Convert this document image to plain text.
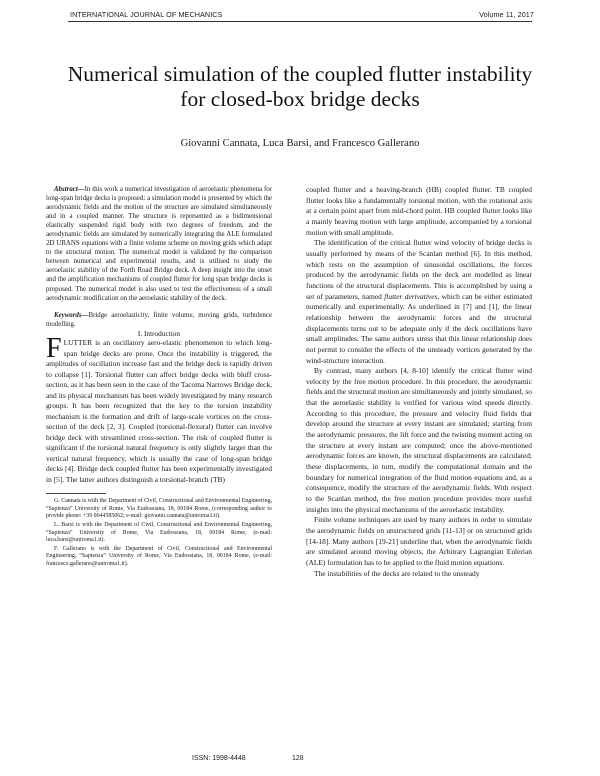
INTERNATIONAL JOURNAL OF MECHANICS	Volume 11, 2017
Numerical simulation of the coupled flutter instability for closed-box bridge decks
Giovanni Cannata, Luca Barsi, and Francesco Gallerano

Abstract—In this work a numerical investigation of aeroelastic phenomena for long-span bridge decks is proposed: a simulation model is presented by which the aerodynamic fields and the motion of the structure are simulated simultaneously and in a coupled manner. The structure is represented as a bidimensional elastically suspended rigid body with two degrees of freedom, and the aerodynamic fields are simulated by numerically integrating the ALE formulated 2D URANS equations with a finite volume scheme on moving grids which adapt to the structural motion. The numerical model is validated by the comparison between numerical and experimental results, and is utilised to study the aeroelastic stability of the Forth Road Bridge deck. A deep insight into the onset and the amplification mechanisms of coupled flutter for long span bridge decks is proposed. The numerical model is also used to test the effectiveness of a small aerodynamic modification on the aeroelastic stability of the deck.

Keywords—Bridge aeroelasticity, finite volume, moving grids, turbulence modelling.

I. Introduction

FLUTTER is an oscillatory aero-elastic phenomenon to which long-span bridge decks are prone. Once the instability is triggered, the amplitudes of oscillation increase fast and the bridge deck is rapidly driven to collapse [1]. Torsional flutter can affect bridge decks with bluff cross-section, as it has been seen in the case of the Tacoma Narrows Bridge deck, and its physical mechanism has been widely investigated by many research groups. It has been recognized that the key to the torsion instability mechanism is the formation and drift of large-scale vortices on the cross-section of the deck [2, 3]. Coupled (torsional-flexural) flutter can involve bridge deck with streamlined cross-section. The risk of coupled flutter is significant if the torsional natural frequency is only slightly larger than the vertical natural frequency, which is usually the case of long-span bridge decks [4]. Bridge deck coupled flutter has been experimentally investigated in [5]. The latter authors distinguish a torsional-branch (TB)

G. Cannata is with the Department of Civil, Constructional and Environmental Engineering, “Sapienza” University of Rome, Via Eudossiana, 18, 00184 Rome, (corresponding author to provide phone: +39 0644585062; e-mail: giovanni.cannata@uniroma1.it).

L. Barsi is with the Department of Civil, Constructional and Environmental Engineering, “Sapienza” University of Rome, Via Eudossiana, 18, 00184 Rome, (e-mail: luca.barsi@uniroma1.it).

F. Gallerano is with the Department of Civil, Constructional and Environmental Engineering, “Sapienza” University of Rome, Via Eudossiana, 18, 00184 Rome, (e-mail: francesco.gallerano@uniroma1.it).

coupled flutter and a heaving-branch (HB) coupled flutter. TB coupled flutter looks like a fundamentally torsional motion, with the rotational axis at a certain point apart from mid-chord point. HB coupled flutter looks like a mainly heaving motion with large amplitude, accompanied by a torsional motion with small amplitude.

The identification of the critical flutter wind velocity of bridge decks is usually performed by means of the Scanlan method [6]. In this method, which rests on the assumption of sinusoidal oscillations, the forces produced by the aerodynamic fields on the deck are modelled as linear functions of the structural displacements. This is accomplished by using a set of parameters, named flutter derivatives, which can be either estimated numerically and experimentally. As underlined in [7] and [1], the linear relationship between the aerodynamic forces and the structural displacements turns out to be adequate only if the deck oscillations have small amplitudes. The same authors stress that this linear relationship does not permit to consider the effects of the unsteady vortices generated by the wind-structure interaction.

By contrast, many authors [4, 8-10] identify the critical flutter wind velocity by the free motion procedure. In this procedure, the aerodynamic fields and the structural motion are simultaneously and jointly simulated, so that the aeroelastic stability is verified for various wind speeds directly. According to this procedure, the pressure and velocity fluid fields that develop around the structure at every instant are simulated; starting from the aerodynamic pressures, the lift force and the twisting moment acting on the structure at every instant are computed; once the above-mentioned aerodynamic forces are known, the structural displacements are calculated; these displacements, in turn, modify the computational domain and the boundary for numerical integration of the fluid motion equations and, as a consequence, modify the structure of the aerodynamic fields. With respect to the Scanlan method, the free motion procedure provides more useful insights into the physical mechanisms of the aeroelastic instability.

Finite volume techniques are used by many authors in order to simulate the aerodynamic fields on unstructured grids [11-13] or on structured grids [14-18]. Many authors [19-21] underline that, when the aerodynamic fields are simulated around moving objects, the Arbitrary Lagrangian Eulerian (ALE) formulation has to be applied to the fluid motion equations.

The instabilities of the decks are related to the unsteady

ISSN: 1998-4448	128
